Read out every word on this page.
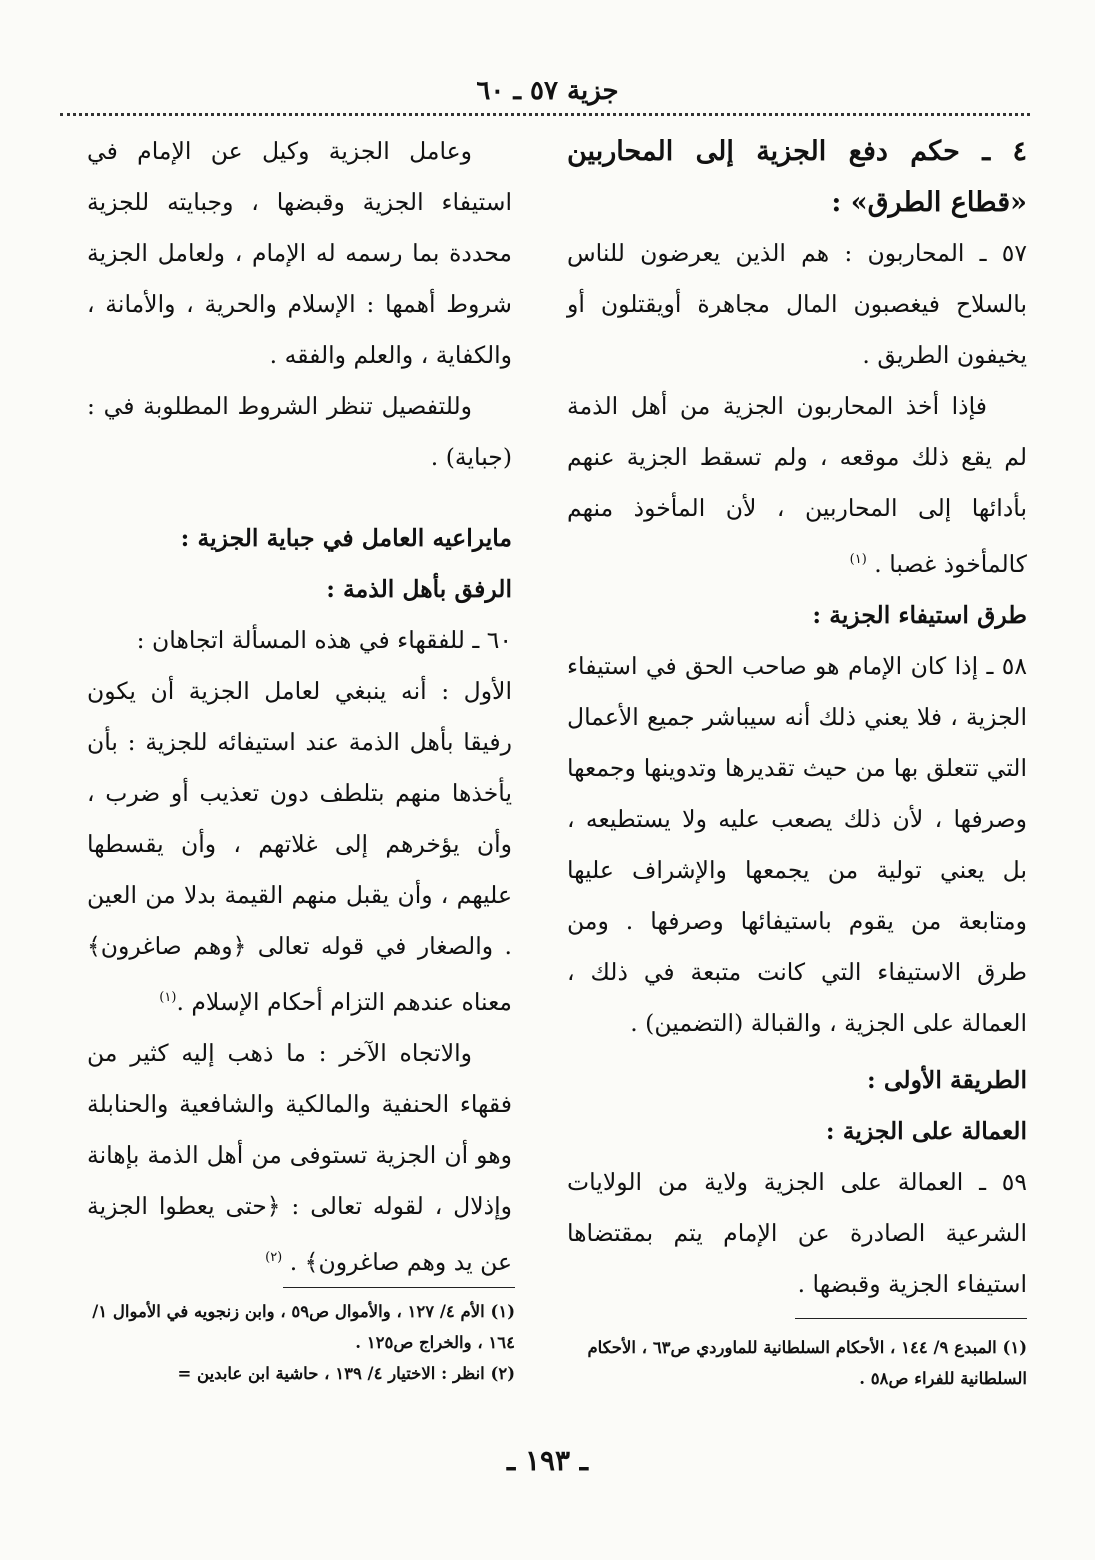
جزية ٥٧ ـ ٦٠

٤ ـ حكم دفع الجزية إلى المحاربين «قطاع الطرق» :

٥٧ ـ المحاربون : هم الذين يعرضون للناس بالسلاح فيغصبون المال مجاهرة أويقتلون أو يخيفون الطريق .

فإذا أخذ المحاربون الجزية من أهل الذمة لم يقع ذلك موقعه ، ولم تسقط الجزية عنهم بأدائها إلى المحاربين ، لأن المأخوذ منهم كالمأخوذ غصبا . $^{(١)}$

طرق استيفاء الجزية :

٥٨ ـ إذا كان الإمام هو صاحب الحق في استيفاء الجزية ، فلا يعني ذلك أنه سيباشر جميع الأعمال التي تتعلق بها من حيث تقديرها وتدوينها وجمعها وصرفها ، لأن ذلك يصعب عليه ولا يستطيعه ، بل يعني تولية من يجمعها والإشراف عليها ومتابعة من يقوم باستيفائها وصرفها . ومن طرق الاستيفاء التي كانت متبعة في ذلك ، العمالة على الجزية ، والقبالة (التضمين) .

الطريقة الأولى :

العمالة على الجزية :

٥٩ ـ العمالة على الجزية ولاية من الولايات الشرعية الصادرة عن الإمام يتم بمقتضاها استيفاء الجزية وقبضها .

وعامل الجزية وكيل عن الإمام في استيفاء الجزية وقبضها ، وجبايته للجزية محددة بما رسمه له الإمام ، ولعامل الجزية شروط أهمها : الإسلام والحرية ، والأمانة ، والكفاية ، والعلم والفقه .

وللتفصيل تنظر الشروط المطلوبة في : (جباية) .

مايراعيه العامل في جباية الجزية :

الرفق بأهل الذمة :

٦٠ ـ للفقهاء في هذه المسألة اتجاهان :

الأول : أنه ينبغي لعامل الجزية أن يكون رفيقا بأهل الذمة عند استيفائه للجزية : بأن يأخذها منهم بتلطف دون تعذيب أو ضرب ، وأن يؤخرهم إلى غلاتهم ، وأن يقسطها عليهم ، وأن يقبل منهم القيمة بدلا من العين . والصغار في قوله تعالى ﴿وهم صاغرون﴾ معناه عندهم التزام أحكام الإسلام .$^{(١)}$

والاتجاه الآخر : ما ذهب إليه كثير من فقهاء الحنفية والمالكية والشافعية والحنابلة وهو أن الجزية تستوفى من أهل الذمة بإهانة وإذلال ، لقوله تعالى : ﴿حتى يعطوا الجزية عن يد وهم صاغرون﴾ . $^{(٢)}$

(١) المبدع ٩/ ١٤٤ ، الأحكام السلطانية للماوردي ص٦٣ ، الأحكام السلطانية للفراء ص٥٨ .

(١) الأم ٤/ ١٢٧ ، والأموال ص٥٩ ، وابن زنجويه في الأموال ١/ ١٦٤ ، والخراج ص١٢٥ .

(٢) انظر : الاختيار ٤/ ١٣٩ ، حاشية ابن عابدين =

ـ ١٩٣ ـ
